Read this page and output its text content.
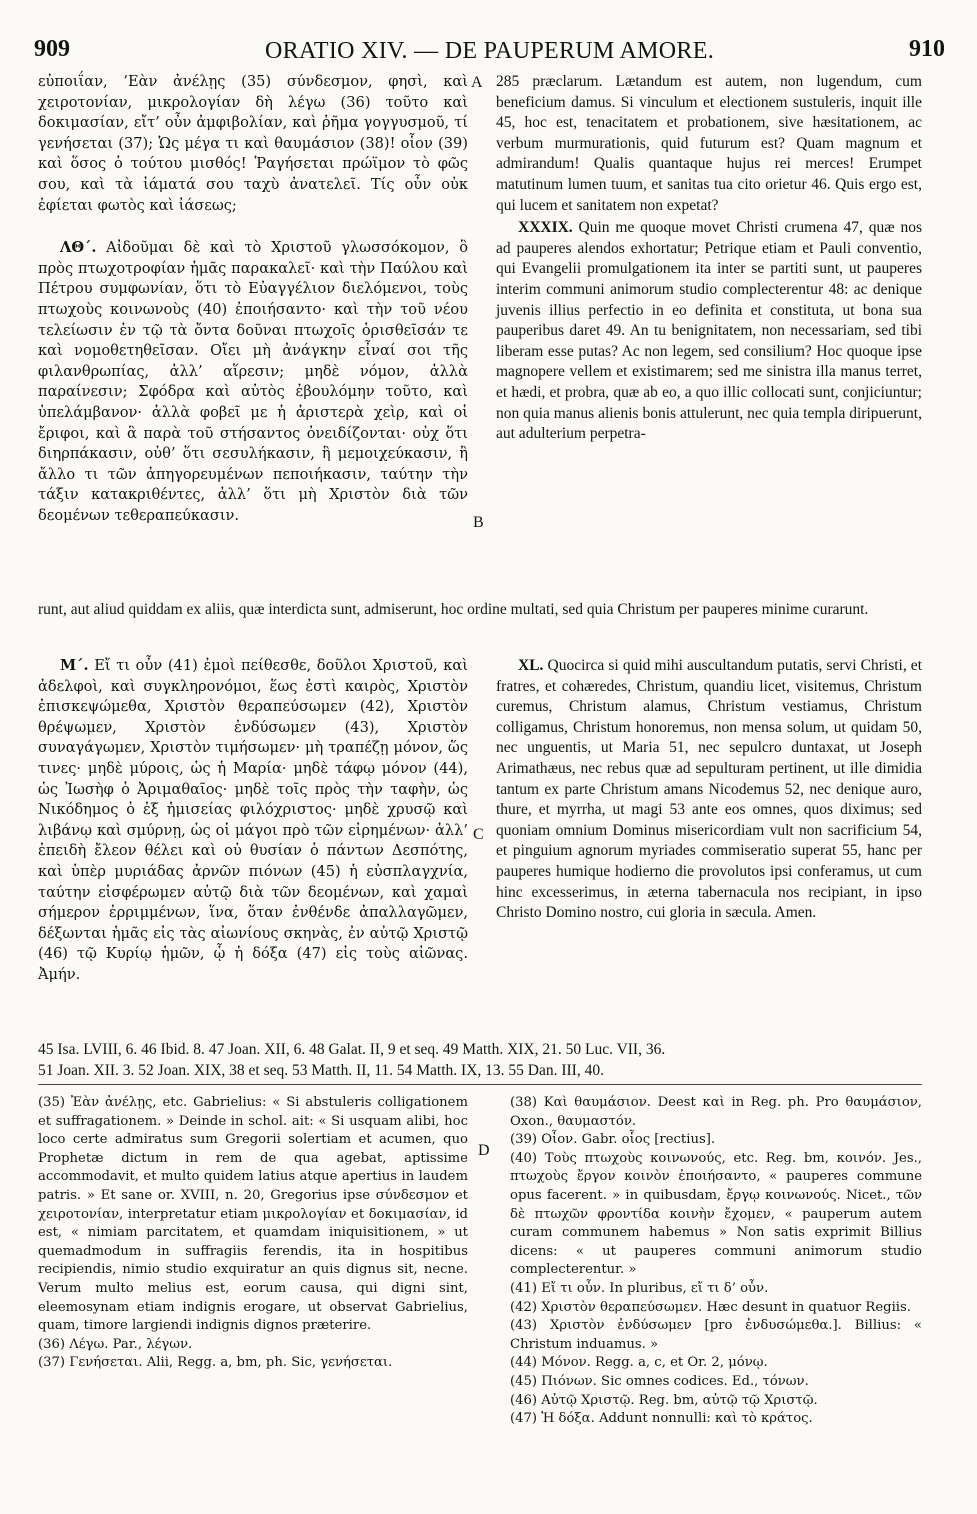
909	ORATIO XIV. — DE PAUPERUM AMORE.	910

εὐποιΐαν, ’Εὰν ἀνέλῃς (35) σύνδεσμον, φησὶ, καὶ χειροτονίαν, μικρολογίαν δὴ λέγω (36) τοῦτο καὶ δοκιμασίαν, εἴτ’ οὖν ἀμφιβολίαν, καὶ ῥῆμα γογγυσμοῦ, τί γενήσεται (37); Ὡς μέγα τι καὶ θαυμάσιον (38)! οἷον (39) καὶ ὅσος ὁ τούτου μισθός! Ῥαγήσεται πρώϊμον τὸ φῶς σου, καὶ τὰ ἰάματά σου ταχὺ ἀνατελεῖ. Τίς οὖν οὐκ ἐφίεται φωτὸς καὶ ἰάσεως;

ΛΘ΄. Αἰδοῦμαι δὲ καὶ τὸ Χριστοῦ γλωσσόκομον, ὃ πρὸς πτωχοτροφίαν ἡμᾶς παρακαλεῖ· καὶ τὴν Παύλου καὶ Πέτρου συμφωνίαν, ὅτι τὸ Εὐαγγέλιον διελόμενοι, τοὺς πτωχοὺς κοινωνοὺς (40) ἐποιήσαντο· καὶ τὴν τοῦ νέου τελείωσιν ἐν τῷ τὰ ὄντα δοῦναι πτωχοῖς ὁρισθεῖσάν τε καὶ νομοθετηθεῖσαν. Οἴει μὴ ἀνάγκην εἶναί σοι τῆς φιλανθρωπίας, ἀλλ’ αἵρεσιν; μηδὲ νόμον, ἀλλὰ παραίνεσιν; Σφόδρα καὶ αὐτὸς ἐβουλόμην τοῦτο, καὶ ὑπελάμβανον· ἀλλὰ φοβεῖ με ἡ ἀριστερὰ χεὶρ, καὶ οἱ ἔριφοι, καὶ ἃ παρὰ τοῦ στήσαντος ὀνειδίζονται· οὐχ ὅτι διηρπάκασιν, οὐθ’ ὅτι σεσυλήκασιν, ἢ μεμοιχεύκασιν, ἢ ἄλλο τι τῶν ἀπηγορευμένων πεποιήκασιν, ταύτην τὴν τάξιν κατακριθέντες, ἀλλ’ ὅτι μὴ Χριστὸν διὰ τῶν δεομένων τεθεραπεύκασιν.

A
B

285 præclarum. Lætandum est autem, non lugendum, cum beneficium damus. Si vinculum et electionem sustuleris, inquit ille 45, hoc est, tenacitatem et probationem, sive hæsitationem, ac verbum murmurationis, quid futurum est? Quam magnum et admirandum! Qualis quantaque hujus rei merces! Erumpet matutinum lumen tuum, et sanitas tua cito orietur 46. Quis ergo est, qui lucem et sanitatem non expetat?

XXXIX. Quin me quoque movet Christi crumena 47, quæ nos ad pauperes alendos exhortatur; Petrique etiam et Pauli conventio, qui Evangelii promulgationem ita inter se partiti sunt, ut pauperes interim communi animorum studio complecterentur 48: ac denique juvenis illius perfectio in eo definita et constituta, ut bona sua pauperibus daret 49. An tu benignitatem, non necessariam, sed tibi liberam esse putas? Ac non legem, sed consilium? Hoc quoque ipse magnopere vellem et existimarem; sed me sinistra illa manus terret, et hædi, et probra, quæ ab eo, a quo illic collocati sunt, conjiciuntur; non quia manus alienis bonis attulerunt, nec quia templa diripuerunt, aut adulterium perpetra-

runt, aut aliud quiddam ex aliis, quæ interdicta sunt, admiserunt, hoc ordine multati, sed quia Christum per pauperes minime curarunt.

Μ΄. Εἴ τι οὖν (41) ἐμοὶ πείθεσθε, δοῦλοι Χριστοῦ, καὶ ἀδελφοὶ, καὶ συγκληρονόμοι, ἕως ἐστὶ καιρὸς, Χριστὸν ἐπισκεψώμεθα, Χριστὸν θεραπεύσωμεν (42), Χριστὸν θρέψωμεν, Χριστὸν ἐνδύσωμεν (43), Χριστὸν συναγάγωμεν, Χριστὸν τιμήσωμεν· μὴ τραπέζῃ μόνον, ὥς τινες· μηδὲ μύροις, ὡς ἡ Μαρία· μηδὲ τάφῳ μόνον (44), ὡς Ἰωσὴφ ὁ Ἀριμαθαῖος· μηδὲ τοῖς πρὸς τὴν ταφὴν, ὡς Νικόδημος ὁ ἐξ ἡμισείας φιλόχριστος· μηδὲ χρυσῷ καὶ λιβάνῳ καὶ σμύρνῃ, ὡς οἱ μάγοι πρὸ τῶν εἰρημένων· ἀλλ’ ἐπειδὴ ἔλεον θέλει καὶ οὐ θυσίαν ὁ πάντων Δεσπότης, καὶ ὑπὲρ μυριάδας ἀρνῶν πιόνων (45) ἡ εὐσπλαγχνία, ταύτην εἰσφέρωμεν αὐτῷ διὰ τῶν δεομένων, καὶ χαμαὶ σήμερον ἐρριμμένων, ἵνα, ὅταν ἐνθένδε ἀπαλλαγῶμεν, δέξωνται ἡμᾶς εἰς τὰς αἰωνίους σκηνὰς, ἐν αὐτῷ Χριστῷ (46) τῷ Κυρίῳ ἡμῶν, ᾧ ἡ δόξα (47) εἰς τοὺς αἰῶνας. Ἀμήν.

C

XL. Quocirca si quid mihi auscultandum putatis, servi Christi, et fratres, et cohæredes, Christum, quandiu licet, visitemus, Christum curemus, Christum alamus, Christum vestiamus, Christum colligamus, Christum honoremus, non mensa solum, ut quidam 50, nec unguentis, ut Maria 51, nec sepulcro duntaxat, ut Joseph Arimathæus, nec rebus quæ ad sepulturam pertinent, ut ille dimidia tantum ex parte Christum amans Nicodemus 52, nec denique auro, thure, et myrrha, ut magi 53 ante eos omnes, quos diximus; sed quoniam omnium Dominus misericordiam vult non sacrificium 54, et pinguium agnorum myriades commiseratio superat 55, hanc per pauperes humique hodierno die provolutos ipsi conferamus, ut cum hinc excesserimus, in æterna tabernacula nos recipiant, in ipso Christo Domino nostro, cui gloria in sæcula. Amen.

45 Isa. LVIII, 6. 46 Ibid. 8. 47 Joan. XII, 6. 48 Galat. II, 9 et seq. 49 Matth. XIX, 21. 50 Luc. VII, 36.
51 Joan. XII. 3. 52 Joan. XIX, 38 et seq. 53 Matth. II, 11. 54 Matth. IX, 13. 55 Dan. III, 40.

(35) Ἐὰν ἀνέλῃς, etc. Gabrielius: « Si abstuleris colligationem et suffragationem. » Deinde in schol. ait: « Si usquam alibi, hoc loco certe admiratus sum Gregorii solertiam et acumen, quo Prophetæ dictum in rem de qua agebat, aptissime accommodavit, et multo quidem latius atque apertius in laudem patris. » Et sane or. XVIII, n. 20, Gregorius ipse σύνδεσμον et χειροτονίαν, interpretatur etiam μικρολογίαν et δοκιμασίαν, id est, « nimiam parcitatem, et quamdam iniquisitionem, » ut quemadmodum in suffragiis ferendis, ita in hospitibus recipiendis, nimio studio exquiratur an quis dignus sit, necne. Verum multo melius est, eorum causa, qui digni sint, eleemosynam etiam indignis erogare, ut observat Gabrielius, quam, timore largiendi indignis dignos præterire.

(36) Λέγω. Par., λέγων.

(37) Γενήσεται. Alii, Regg. a, bm, ph. Sic, γενήσεται.

D

(38) Καὶ θαυμάσιον. Deest καὶ in Reg. ph. Pro θαυμάσιον, Oxon., θαυμαστόν.

(39) Οἷον. Gabr. οἷος [rectius].

(40) Τοὺς πτωχοὺς κοινωνούς, etc. Reg. bm, κοινόν. Jes., πτωχοὺς ἔργον κοινὸν ἐποιήσαντο, « pauperes commune opus facerent. » in quibusdam, ἔργῳ κοινωνούς. Nicet., τῶν δὲ πτωχῶν φροντίδα κοινὴν ἔχομεν, « pauperum autem curam communem habemus » Non satis exprimit Billius dicens: « ut pauperes communi animorum studio complecterentur. »

(41) Εἴ τι οὖν. In pluribus, εἴ τι δ’ οὖν.

(42) Χριστὸν θεραπεύσωμεν. Hæc desunt in quatuor Regiis.

(43) Χριστὸν ἐνδύσωμεν [pro ἐνδυσώμεθα.]. Billius: « Christum induamus. »

(44) Μόνον. Regg. a, c, et Or. 2, μόνῳ.

(45) Πιόνων. Sic omnes codices. Ed., τόνων.

(46) Αὐτῷ Χριστῷ. Reg. bm, αὐτῷ τῷ Χριστῷ.

(47) Ἡ δόξα. Addunt nonnulli: καὶ τὸ κράτος.
